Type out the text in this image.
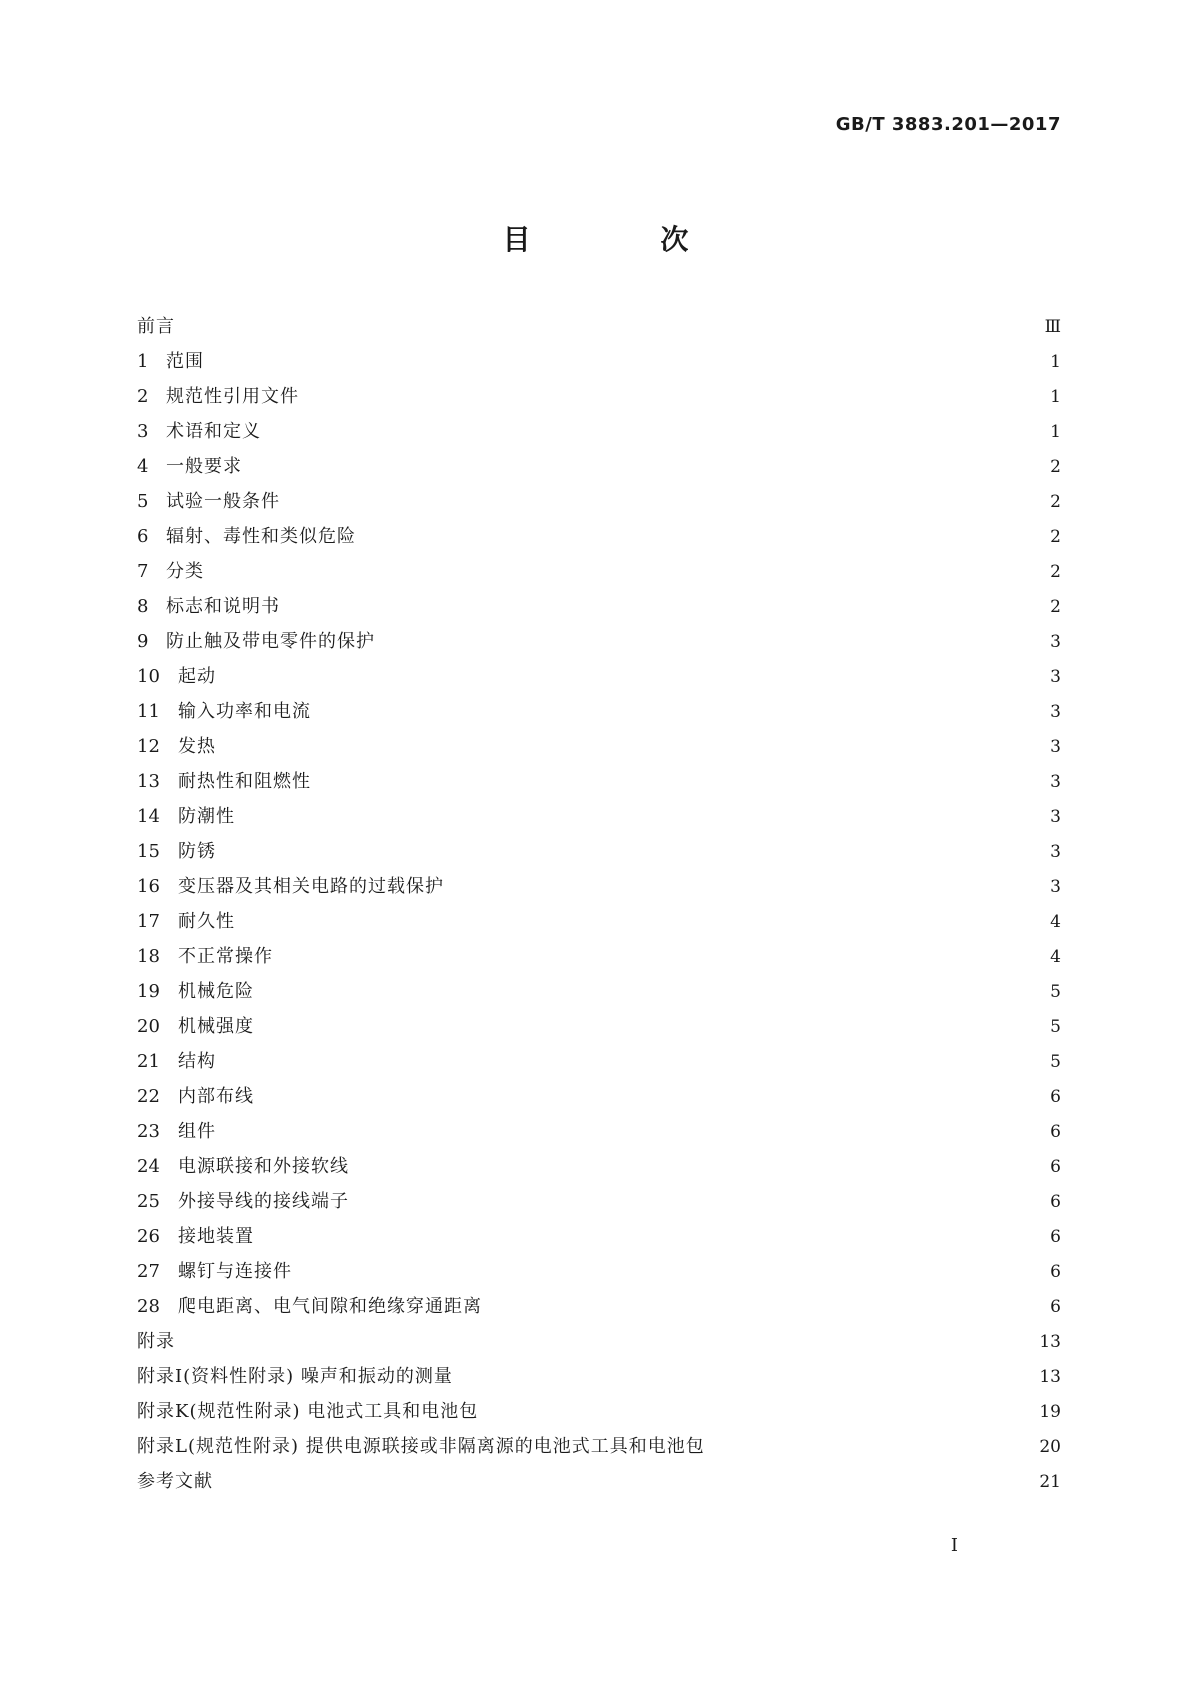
GB/T 3883.201—2017
目 次
前言	Ⅲ
1 范围	1
2 规范性引用文件	1
3 术语和定义	1
4 一般要求	2
5 试验一般条件	2
6 辐射、毒性和类似危险	2
7 分类	2
8 标志和说明书	2
9 防止触及带电零件的保护	3
10	起动	3
11	输入功率和电流	3
12	发热	3
13	耐热性和阻燃性	3
14	防潮性	3
15	防锈	3
16	变压器及其相关电路的过载保护	3
17	耐久性	4
18	不正常操作	4
19	机械危险	5
20	机械强度	5
21	结构	5
22	内部布线	6
23	组件	6
24	电源联接和外接软线	6
25	外接导线的接线端子	6
26	接地装置	6
27	螺钉与连接件	6
28	爬电距离、电气间隙和绝缘穿通距离	6
附录	13
附录Ⅰ(资料性附录) 噪声和振动的测量	13
附录K(规范性附录) 电池式工具和电池包	19
附录L(规范性附录) 提供电源联接或非隔离源的电池式工具和电池包	20
参考文献	21
I
